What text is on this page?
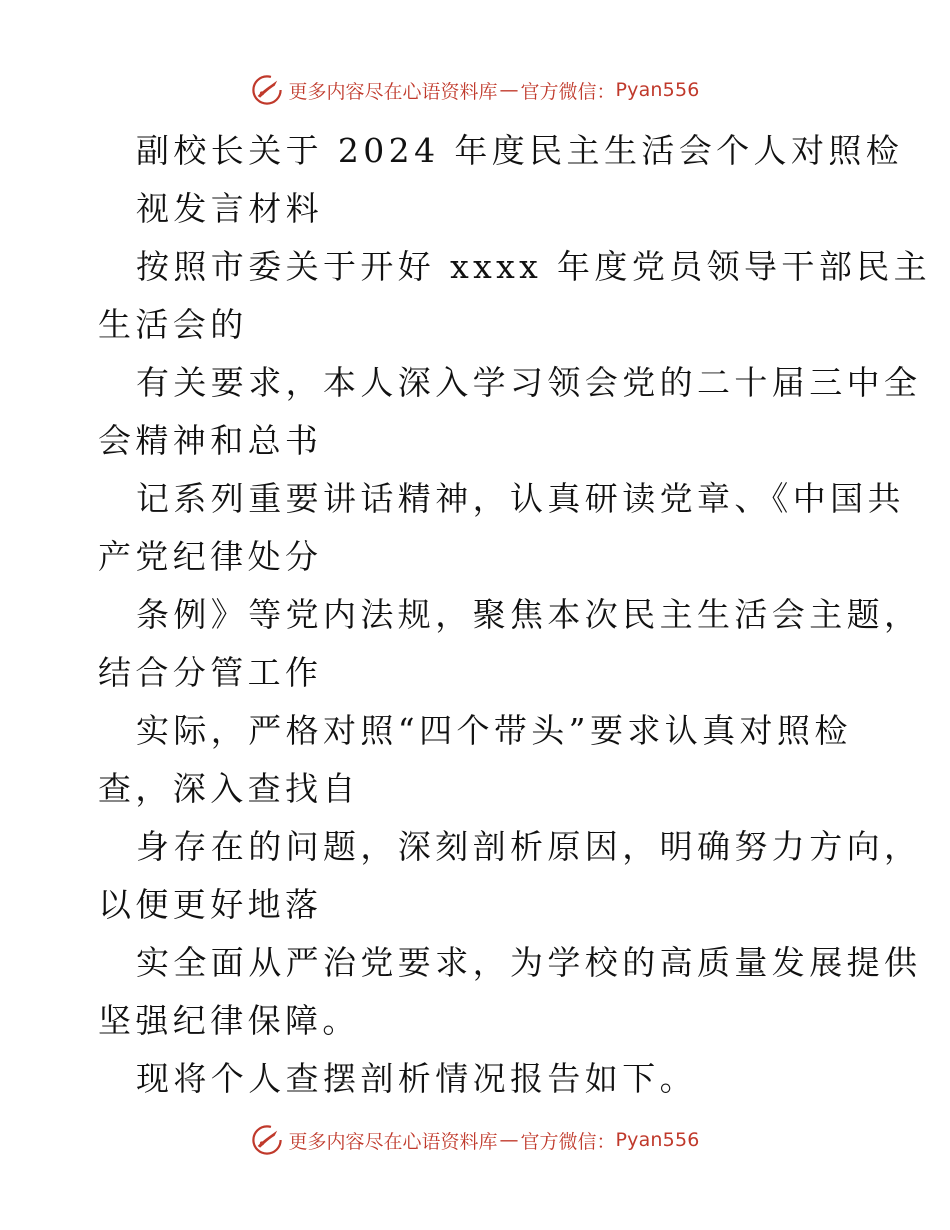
更多内容尽在心语资料库 — 官方微信： Pyan556
副校长关于 2024 年度民主生活会个人对照检
视发言材料
按照市委关于开好 xxxx 年度党员领导干部民主
生活会的
有关要求，本人深入学习领会党的二十届三中全
会精神和总书
记系列重要讲话精神，认真研读党章、《中国共
产党纪律处分
条例》等党内法规，聚焦本次民主生活会主题，
结合分管工作
实际，严格对照“四个带头”要求认真对照检
查，深入查找自
身存在的问题，深刻剖析原因，明确努力方向，
以便更好地落
实全面从严治党要求，为学校的高质量发展提供
坚强纪律保障。
现将个人查摆剖析情况报告如下。
更多内容尽在心语资料库 — 官方微信： Pyan556
